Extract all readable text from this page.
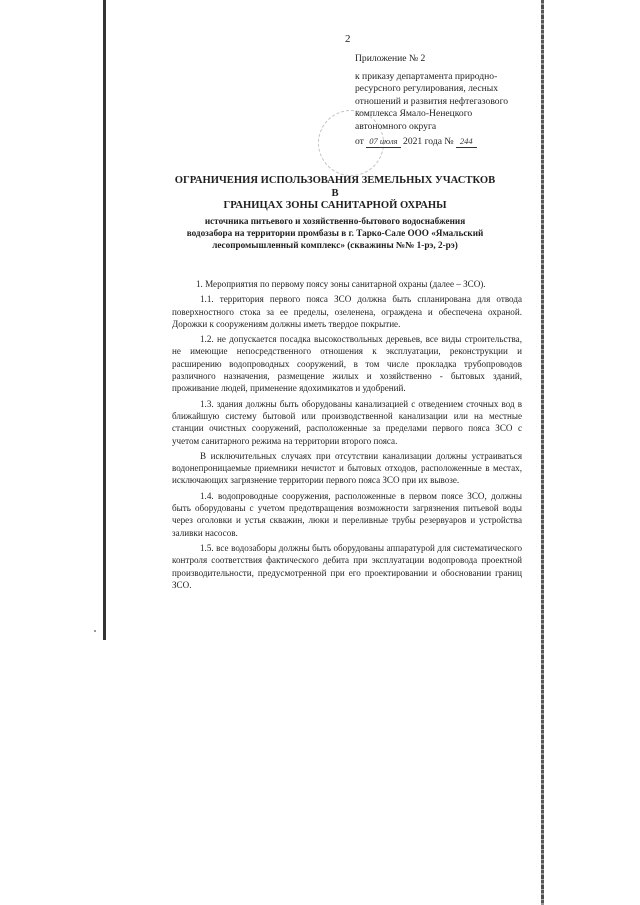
2
Приложение № 2
к приказу департамента природно-
ресурсного регулирования, лесных
отношений и развития нефтегазового
комплекса Ямало-Ненецкого
автономного округа
от 07 июля 2021 года № 244
ОГРАНИЧЕНИЯ ИСПОЛЬЗОВАНИЯ ЗЕМЕЛЬНЫХ УЧАСТКОВ В
ГРАНИЦАХ ЗОНЫ САНИТАРНОЙ ОХРАНЫ
источника питьевого и хозяйственно-бытового водоснабжения
водозабора на территории промбазы в г. Тарко-Сале ООО «Ямальский
лесопромышленный комплекс» (скважины №№ 1-рэ, 2-рэ)

1. Мероприятия по первому поясу зоны санитарной охраны (далее – ЗСО).

1.1. территория первого пояса ЗСО должна быть спланирована для отвода поверхностного стока за ее пределы, озеленена, ограждена и обеспечена охраной. Дорожки к сооружениям должны иметь твердое покрытие.

1.2. не допускается посадка высокоствольных деревьев, все виды строительства, не имеющие непосредственного отношения к эксплуатации, реконструкции и расширению водопроводных сооружений, в том числе прокладка трубопроводов различного назначения, размещение жилых и хозяйственно - бытовых зданий, проживание людей, применение ядохимикатов и удобрений.

1.3. здания должны быть оборудованы канализацией с отведением сточных вод в ближайшую систему бытовой или производственной канализации или на местные станции очистных сооружений, расположенные за пределами первого пояса ЗСО с учетом санитарного режима на территории второго пояса.

В исключительных случаях при отсутствии канализации должны устраиваться водонепроницаемые приемники нечистот и бытовых отходов, расположенные в местах, исключающих загрязнение территории первого пояса ЗСО при их вывозе.

1.4. водопроводные сооружения, расположенные в первом поясе ЗСО, должны быть оборудованы с учетом предотвращения возможности загрязнения питьевой воды через оголовки и устья скважин, люки и переливные трубы резервуаров и устройства заливки насосов.

1.5. все водозаборы должны быть оборудованы аппаратурой для систематического контроля соответствия фактического дебита при эксплуатации водопровода проектной производительности, предусмотренной при его проектировании и обосновании границ ЗСО.
